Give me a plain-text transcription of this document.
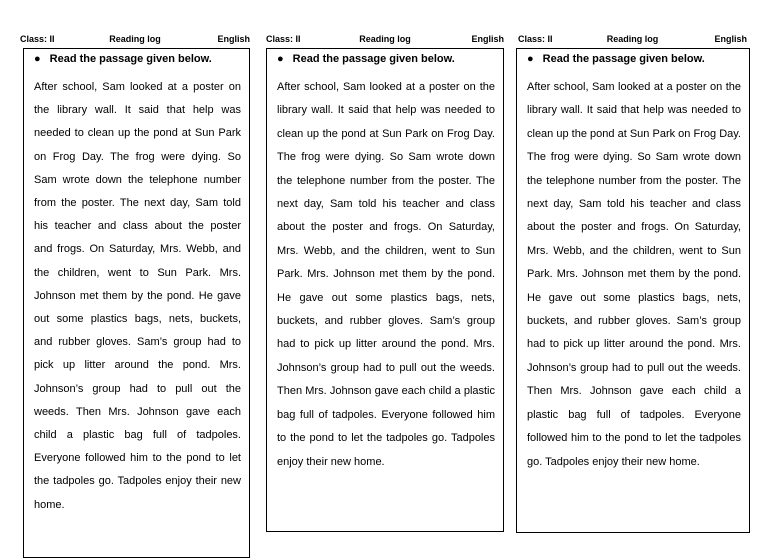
Class: II	Reading log	English
● Read the passage given below.
After school, Sam looked at a poster on the library wall. It said that help was needed to clean up the pond at Sun Park on Frog Day. The frog were dying. So Sam wrote down the telephone number from the poster. The next day, Sam told his teacher and class about the poster and frogs. On Saturday, Mrs. Webb, and the children, went to Sun Park. Mrs. Johnson met them by the pond. He gave out some plastics bags, nets, buckets, and rubber gloves. Sam’s group had to pick up litter around the pond. Mrs. Johnson’s group had to pull out the weeds. Then Mrs. Johnson gave each child a plastic bag full of tadpoles. Everyone followed him to the pond to let the tadpoles go. Tadpoles enjoy their new home.
Class: II	Reading log	English
● Read the passage given below.
After school, Sam looked at a poster on the library wall. It said that help was needed to clean up the pond at Sun Park on Frog Day. The frog were dying. So Sam wrote down the telephone number from the poster. The next day, Sam told his teacher and class about the poster and frogs. On Saturday, Mrs. Webb, and the children, went to Sun Park. Mrs. Johnson met them by the pond. He gave out some plastics bags, nets, buckets, and rubber gloves. Sam’s group had to pick up litter around the pond. Mrs. Johnson’s group had to pull out the weeds. Then Mrs. Johnson gave each child a plastic bag full of tadpoles. Everyone followed him to the pond to let the tadpoles go. Tadpoles enjoy their new home.
Class: II	Reading log	English
● Read the passage given below.
After school, Sam looked at a poster on the library wall. It said that help was needed to clean up the pond at Sun Park on Frog Day. The frog were dying. So Sam wrote down the telephone number from the poster. The next day, Sam told his teacher and class about the poster and frogs. On Saturday, Mrs. Webb, and the children, went to Sun Park. Mrs. Johnson met them by the pond. He gave out some plastics bags, nets, buckets, and rubber gloves. Sam’s group had to pick up litter around the pond. Mrs. Johnson’s group had to pull out the weeds. Then Mrs. Johnson gave each child a plastic bag full of tadpoles. Everyone followed him to the pond to let the tadpoles go. Tadpoles enjoy their new home.
